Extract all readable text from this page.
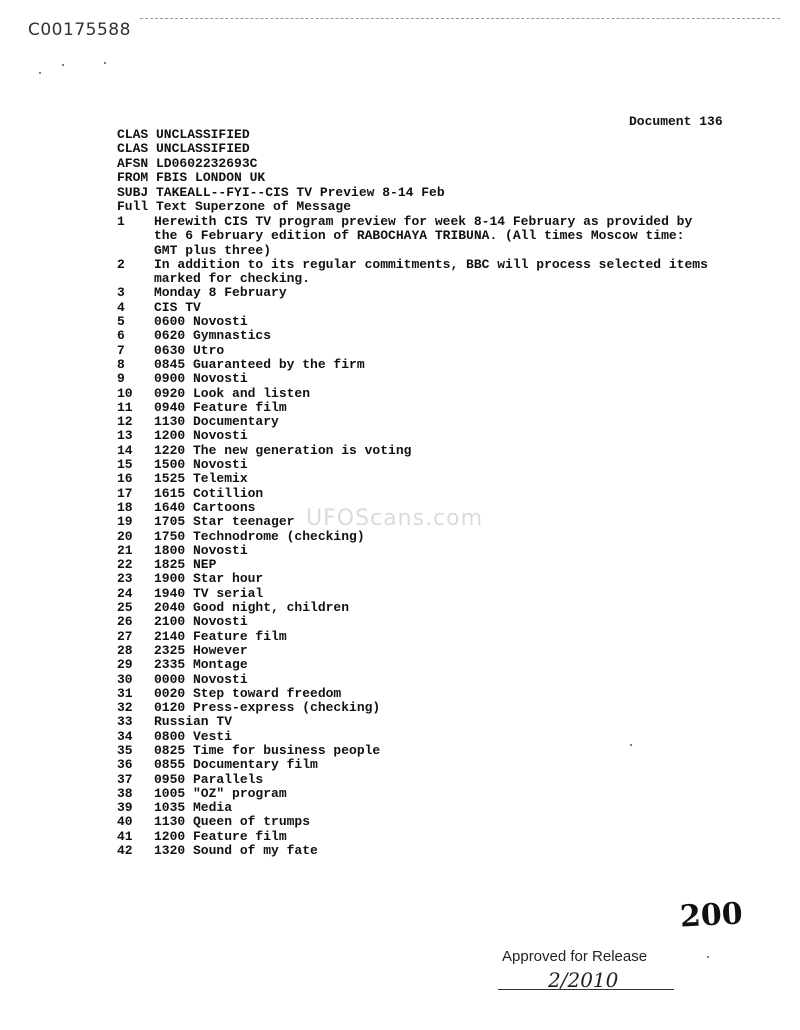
C00175588
Document 136
CLAS UNCLASSIFIED
CLAS UNCLASSIFIED
AFSN LD0602232693C
FROM FBIS LONDON UK
SUBJ TAKEALL--FYI--CIS TV Preview 8-14 Feb
Full Text Superzone of Message
1	Herewith CIS TV program preview for week 8-14 February as provided by the 6 February edition of RABOCHAYA TRIBUNA. (All times Moscow time: GMT plus three)
2	In addition to its regular commitments, BBC will process selected items marked for checking.
3	Monday 8 February
4	CIS TV
5	0600 Novosti
6	0620 Gymnastics
7	0630 Utro
8	0845 Guaranteed by the firm
9	0900 Novosti
10	0920 Look and listen
11	0940 Feature film
12	1130 Documentary
13	1200 Novosti
14	1220 The new generation is voting
15	1500 Novosti
16	1525 Telemix
17	1615 Cotillion
18	1640 Cartoons
19	1705 Star teenager
20	1750 Technodrome (checking)
21	1800 Novosti
22	1825 NEP
23	1900 Star hour
24	1940 TV serial
25	2040 Good night, children
26	2100 Novosti
27	2140 Feature film
28	2325 However
29	2335 Montage
30	0000 Novosti
31	0020 Step toward freedom
32	0120 Press-express (checking)
33	Russian TV
34	0800 Vesti
35	0825 Time for business people
36	0855 Documentary film
37	0950 Parallels
38	1005 "OZ" program
39	1035 Media
40	1130 Queen of trumps
41	1200 Feature film
42	1320 Sound of my fate
UFOScans.com
200
Approved for Release
2/2010
